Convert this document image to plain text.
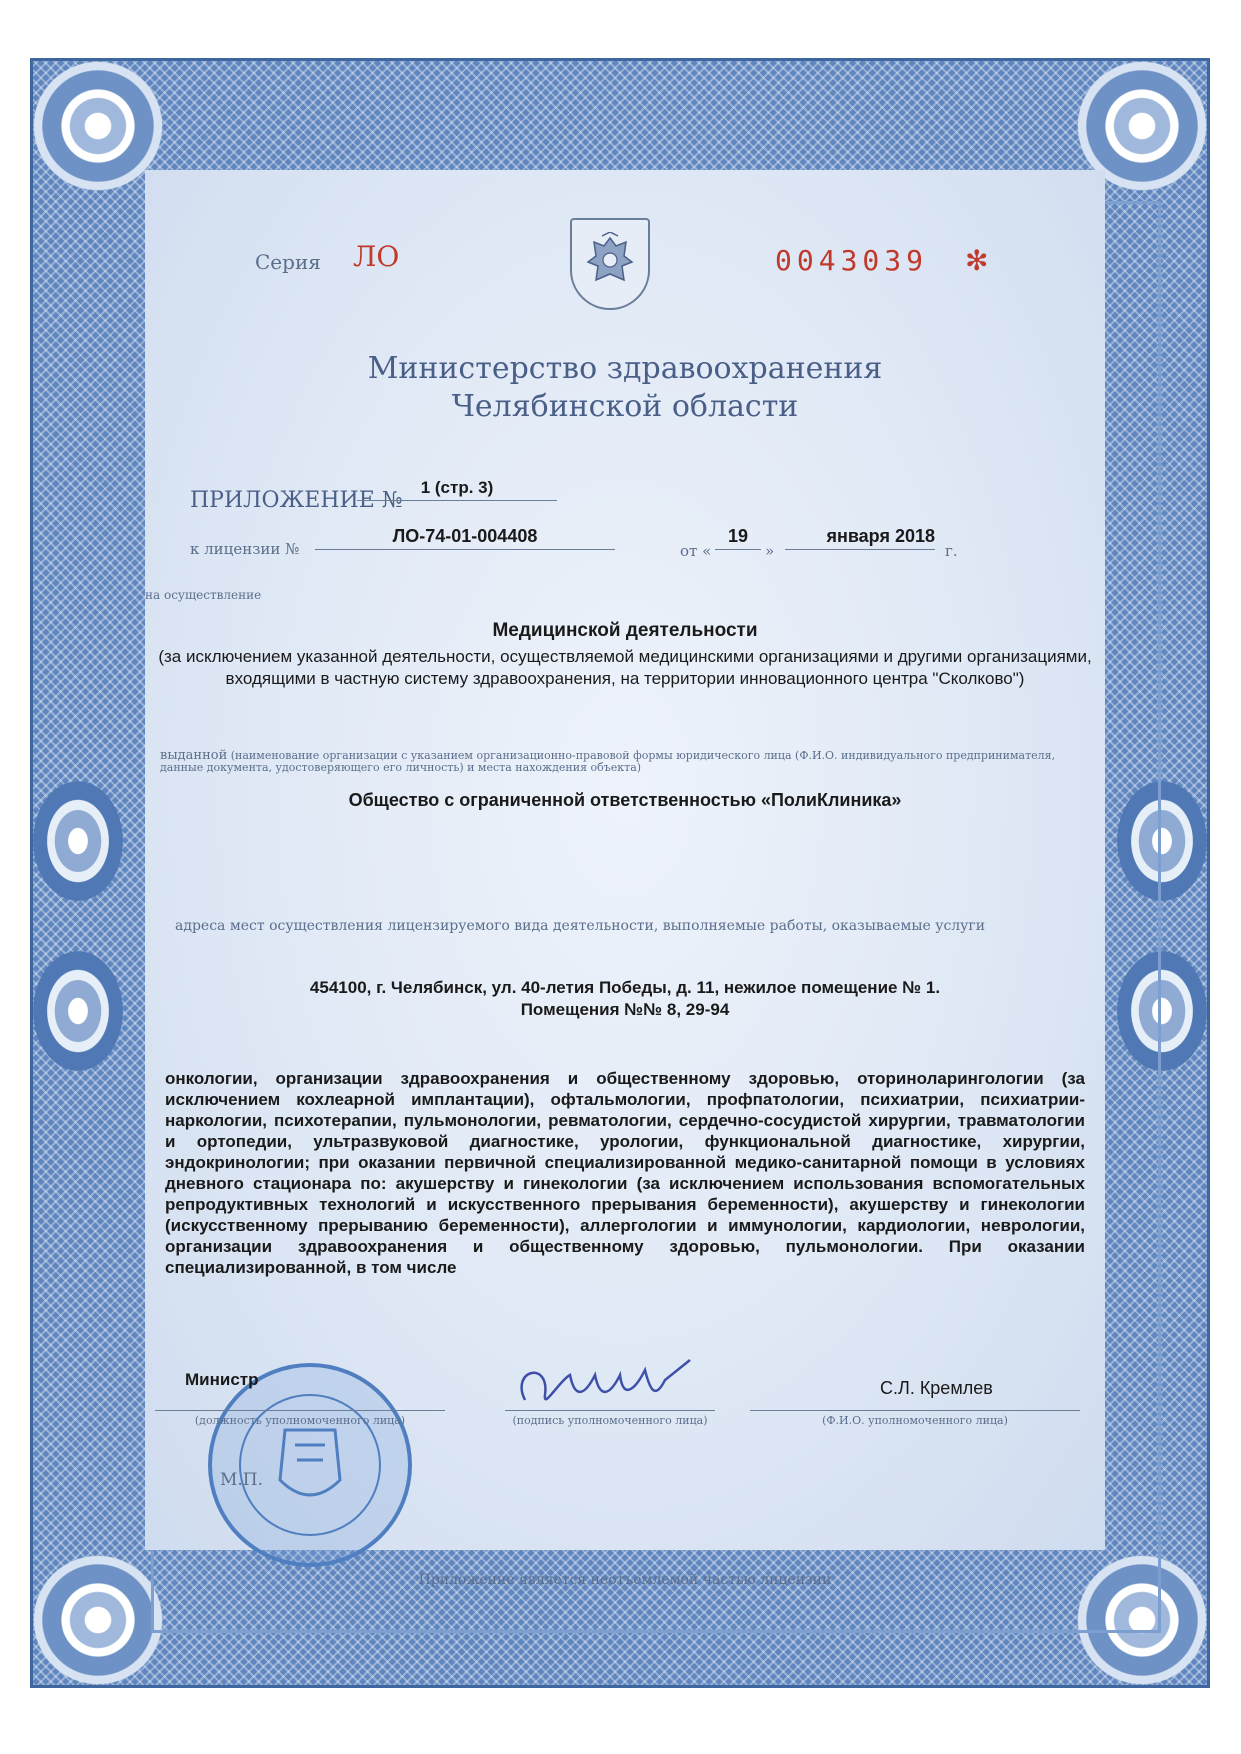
Серия ЛО	0043039 ✻
Министерство здравоохранения
Челябинской области
ПРИЛОЖЕНИЕ №
1 (стр. 3)
к лицензии №
ЛО-74-01-004408
от «
19
»
января 2018
г.
на осуществление
Медицинской деятельности
(за исключением указанной деятельности, осуществляемой медицинскими организациями и другими организациями, входящими в частную систему здравоохранения, на территории инновационного центра "Сколково")
выданной (наименование организации с указанием организационно-правовой формы юридического лица (Ф.И.О. индивидуального предпринимателя, данные документа, удостоверяющего его личность) и места нахождения объекта)
Общество с ограниченной ответственностью «ПолиКлиника»
адреса мест осуществления лицензируемого вида деятельности, выполняемые работы, оказываемые услуги
454100, г. Челябинск, ул. 40-летия Победы, д. 11, нежилое помещение № 1.
Помещения №№ 8, 29-94
онкологии, организации здравоохранения и общественному здоровью, оториноларингологии (за исключением кохлеарной имплантации), офтальмологии, профпатологии, психиатрии, психиатрии-наркологии, психотерапии, пульмонологии, ревматологии, сердечно-сосудистой хирургии, травматологии и ортопедии, ультразвуковой диагностике, урологии, функциональной диагностике, хирургии, эндокринологии; при оказании первичной специализированной медико-санитарной помощи в условиях дневного стационара по: акушерству и гинекологии (за исключением использования вспомогательных репродуктивных технологий и искусственного прерывания беременности), акушерству и гинекологии (искусственному прерыванию беременности), аллергологии и иммунологии, кардиологии, неврологии, организации здравоохранения и общественному здоровью, пульмонологии. При оказании специализированной, в том числе
Министр	С.Л. Кремлев
(должность уполномоченного лица)	(подпись уполномоченного лица)	(Ф.И.О. уполномоченного лица)
М.П.
Приложение является неотъемлемой частью лицензии
